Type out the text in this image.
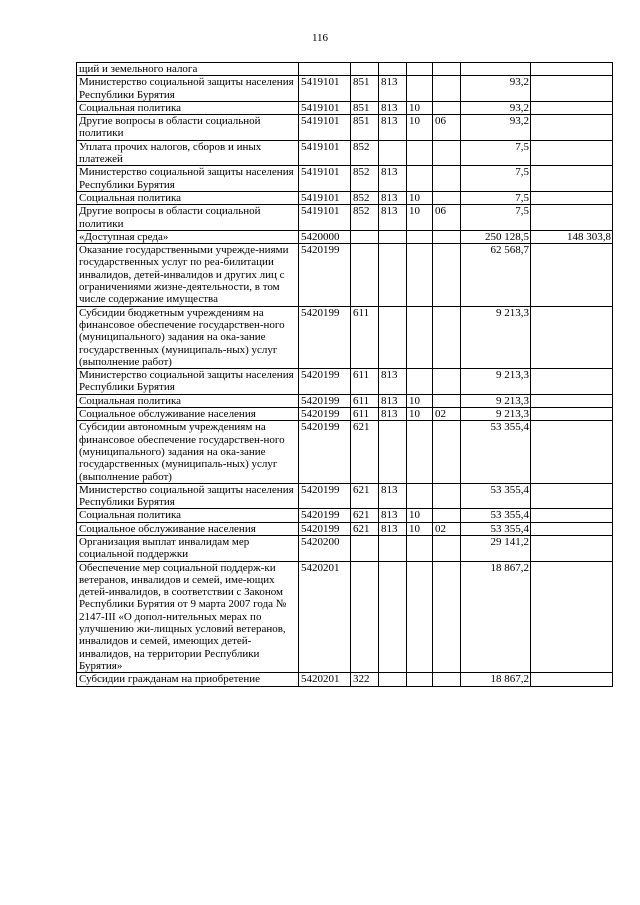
116
щий и земельного налога							
Министерство социальной защиты населения Республики Бурятия	5419101	851	813			93,2	
Социальная политика	5419101	851	813	10		93,2	
Другие вопросы в области социальной политики	5419101	851	813	10	06	93,2	
Уплата прочих налогов, сборов и иных платежей	5419101	852				7,5	
Министерство социальной защиты населения Республики Бурятия	5419101	852	813			7,5	
Социальная политика	5419101	852	813	10		7,5	
Другие вопросы в области социальной политики	5419101	852	813	10	06	7,5	
«Доступная среда»	5420000					250 128,5	148 303,8
Оказание государственными учрежде-ниями государственных услуг по реа-билитации инвалидов, детей-инвалидов и других лиц с ограничениями жизне-деятельности, в том числе содержание имущества	5420199					62 568,7	
Субсидии бюджетным учреждениям на финансовое обеспечение государствен-ного (муниципального) задания на ока-зание государственных (муниципаль-ных) услуг (выполнение работ)	5420199	611				9 213,3	
Министерство социальной защиты населения Республики Бурятия	5420199	611	813			9 213,3	
Социальная политика	5420199	611	813	10		9 213,3	
Социальное обслуживание населения	5420199	611	813	10	02	9 213,3	
Субсидии автономным учреждениям на финансовое обеспечение государствен-ного (муниципального) задания на ока-зание государственных (муниципаль-ных) услуг (выполнение работ)	5420199	621				53 355,4	
Министерство социальной защиты населения Республики Бурятия	5420199	621	813			53 355,4	
Социальная политика	5420199	621	813	10		53 355,4	
Социальное обслуживание населения	5420199	621	813	10	02	53 355,4	
Организация выплат инвалидам мер социальной поддержки	5420200					29 141,2	
Обеспечение мер социальной поддерж-ки ветеранов, инвалидов и семей, име-ющих детей-инвалидов, в соответствии с Законом Республики Бурятия от 9 марта 2007 года № 2147-III «О допол-нительных мерах по улучшению жи-лищных условий ветеранов, инвалидов и семей, имеющих детей-инвалидов, на территории Республики Бурятия»	5420201					18 867,2	
Субсидии гражданам на приобретение	5420201	322				18 867,2	
